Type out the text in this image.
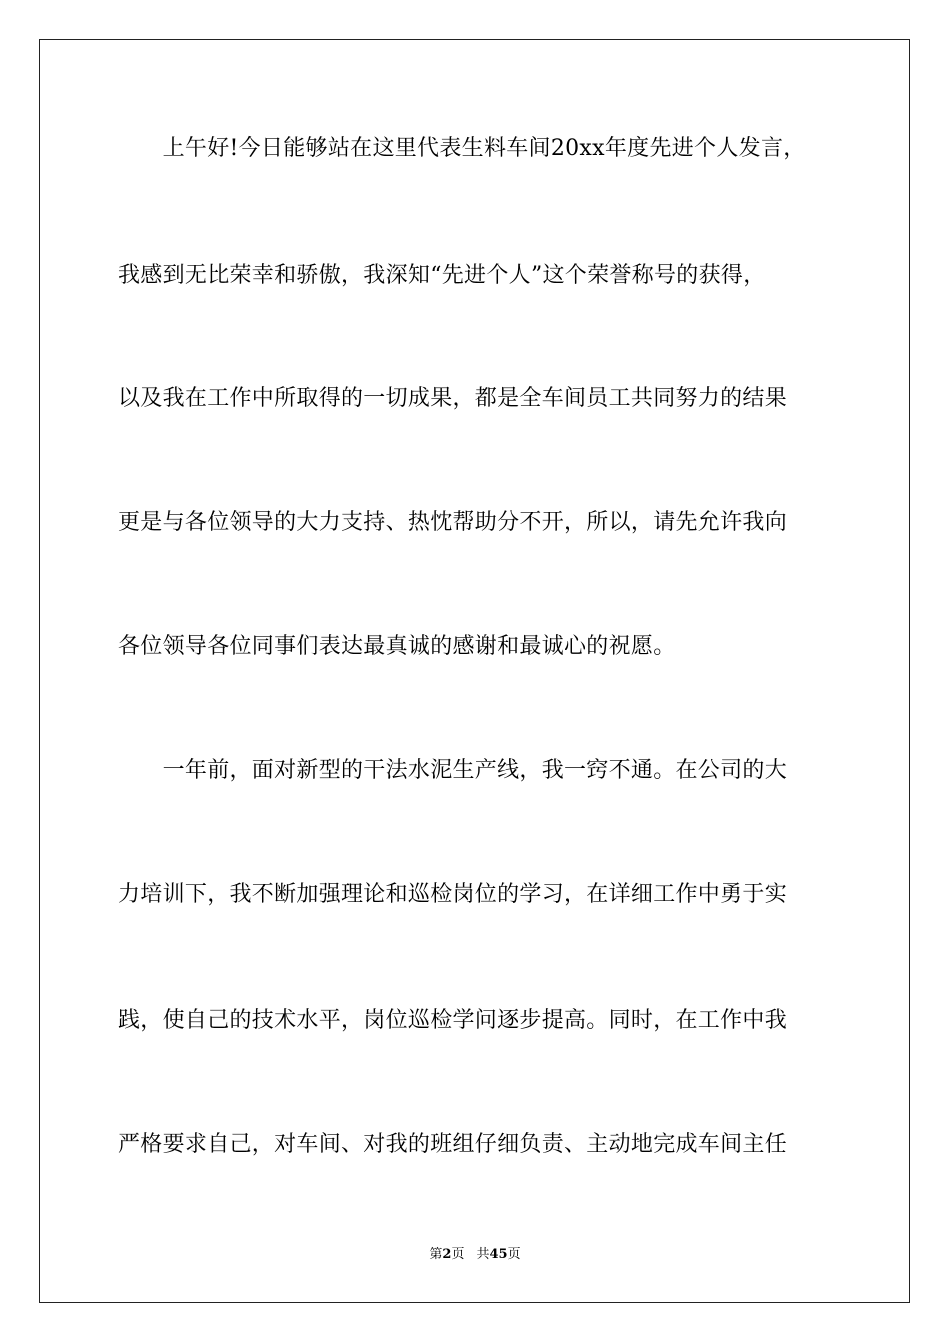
　　上午好!今日能够站在这里代表生料车间20xx年度先进个人发言，
我感到无比荣幸和骄傲，我深知“先进个人”这个荣誉称号的获得，
以及我在工作中所取得的一切成果，都是全车间员工共同努力的结果
更是与各位领导的大力支持、热忱帮助分不开，所以，请先允许我向
各位领导各位同事们表达最真诚的感谢和最诚心的祝愿。
　　一年前，面对新型的干法水泥生产线，我一窍不通。在公司的大
力培训下，我不断加强理论和巡检岗位的学习，在详细工作中勇于实
践，使自己的技术水平，岗位巡检学问逐步提高。同时，在工作中我
严格要求自己，对车间、对我的班组仔细负责、主动地完成车间主任
第2页 共45页
